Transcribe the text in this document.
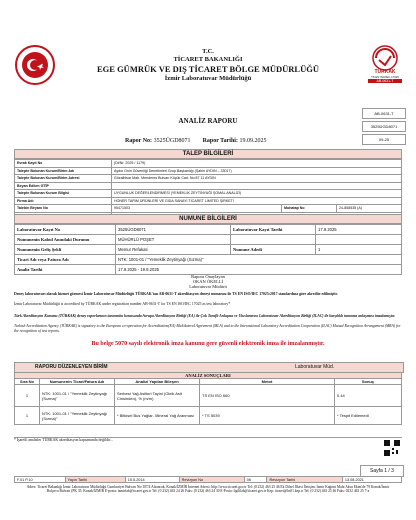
T.C.
TİCARET BAKANLIĞI
EGE GÜMRÜK VE DIŞ TİCARET BÖLGE MÜDÜRLÜĞÜ
İzmir Laboratuvar Müdürlüğü
TÜRKAK
TS EN ISO/IEC 17025
AB-0631-T
AB-0631-T
3525ÜGD8071
09-25
ANALİZ RAPORU
Rapor No: 3525ÜGD8071 Rapor Tarihi: 19.09.2025
TALEP BİLGİLERİ
Evrak Kayıt No	(Dt/Nr. 2025 / 1179)		
Talepte Bulunan Kurum/Birim Adı	Aydın Onin Güvenliği Denetimleri Grup Başkanlığı (Şahin AYDIN – 33017)		
Talepte Bulunan Kurum/Birim Adresi	Gözalhisar Mah. Menderes Bulvarı Küçük Cad. No:87 11 AYDIN		
Beyan Edilen GTİP			
Talepte Bulunan Kurum Bilgisi	UYGUNLUK DEĞERLENDİRMESİ (YEMEKLİK ZEYTİNYAĞI ŞOMAL ANALİZİ)		
Firma Adı	HONER TARIM ÜRÜNLERİ VE GIDA SANAYİ TİCARET LİMİTED ŞİRKETİ		
Talebin Beyanı No	95471503	Muhatap No	24-858535 (A)

NUMUNE BİLGİLERİ
Laboratuvar Kayıt No	3525ÜGD8071	Laboratuvar Kayıt Tarihi	17.9.2025
Numunenin Kabul Anındaki Durumu	MÜHÜRLÜ POŞET		
Numunenin Geliş Şekli	Memur Refakati	Numune Adedi	1
Ticari Adı veya Fatura Adı	NTK: 1001-01 / "Yemeklik Zeytinyağı (Sızma)"		
Analiz Tarihi	17.9.2025 - 19.9.2025		
Raporu Onaylayan
OKAN ÖKELLİ
Laboratuvar Müdürü
Deney laboratuvarı olarak hizmet görmesi İzmir Laboratuvar Müdürlüğü TÜRKAK'tan AB-0631-T akreditasyon deneyi numarası ile TS EN ISO/IEC 17025:2017 standardına göre akredite edilmiştir.
İzmir Laboratuvar Müdürlüğü is accredited by TÜRKAK under registration number AB-0631-T for TS EN ISO/IEC 17025 as test laboratory*
Türk Akreditasyon Kurumu (TÜRKAK) deney raporlarının tanınmâsı konusunda Avrupa Akreditasyon Birliği (EA) ile Çok Taraflı Anlaşma ve Uluslararası Laboratuvar Akreditasyon Birliği (ILAC) ile karşılıklı tanınma anlaşması imzalamıştır.
Turkish Accreditation Agency (TÜRKAK) is signatory to the European co-operation for Accreditation(EA) Multilateral Agreement (MLA) and to the International Laboratory Accreditation Cooperation (ILAC) Mutual Recognition Arrangement (MRA) for the recognition of test reports.
Bu belge 5070 sayılı elektronik imza kanunu gere güvenli elektronik imza ile imzalanmıştır.
RAPORU DÜZENLEYEN BİRİM	Laboratuvar Müd.
ANALİZ SONUÇLARI				
Sıra No	Numunenin Ticari/Fatura Adı	Analizi Yapılan Bileşen	Metot	Sonuç
1	NTK: 1001-01 / "Yemeklik Zeytinyağı (Sızma)"	Serbest Yağ Asitleri Tayini (Oleik Asit Cinsinden), % (m/m)	TS EN ISO 660	0.44
1	NTK: 1001-01 / "Yemeklik Zeytinyağı (Sızma)"	* Bitkisel Bus Yağlar- Mineral Yağ Aranması	* TS 5039	* Tespit Edilemedi
* İşaretli analizler TÜRKAK akreditasyon kapsamında değildir...
Sayfa 1 / 3
F.01 P.10	Yayın Tarihi	15.5.2014	Revizyon No	06	Revizyon Tarihi	13.08.2021
Adres: Ticaret Bakanlığı İzmir Laboratuvar Müdürlüğü Cumhuriyet Bulvarı No:107/4 Alsancak, Konak/İZMİR İnternet Adresi: http://www.ticaret.gov.tr Tel: (0 232) 463 25 46 Ek Dilsel İlkesi İletişim: İzmir Kağıtni Mahi Aksu Ekim'de 79 Konak/İzmir Balçova Bulvarı (PK 35, Konak/İZMİR E-posta: izmirlab@ticaret.gov.tr Tel: (0 232) 463 24 26 Faks: (0 232) 463 24 30 E-Posta: ilgililab@ticaret.gov.tr Kep: ticaret@hs01.kep.tr Tel: (0 232) 463 25 46 Faks: 0232 463 25 7-a
